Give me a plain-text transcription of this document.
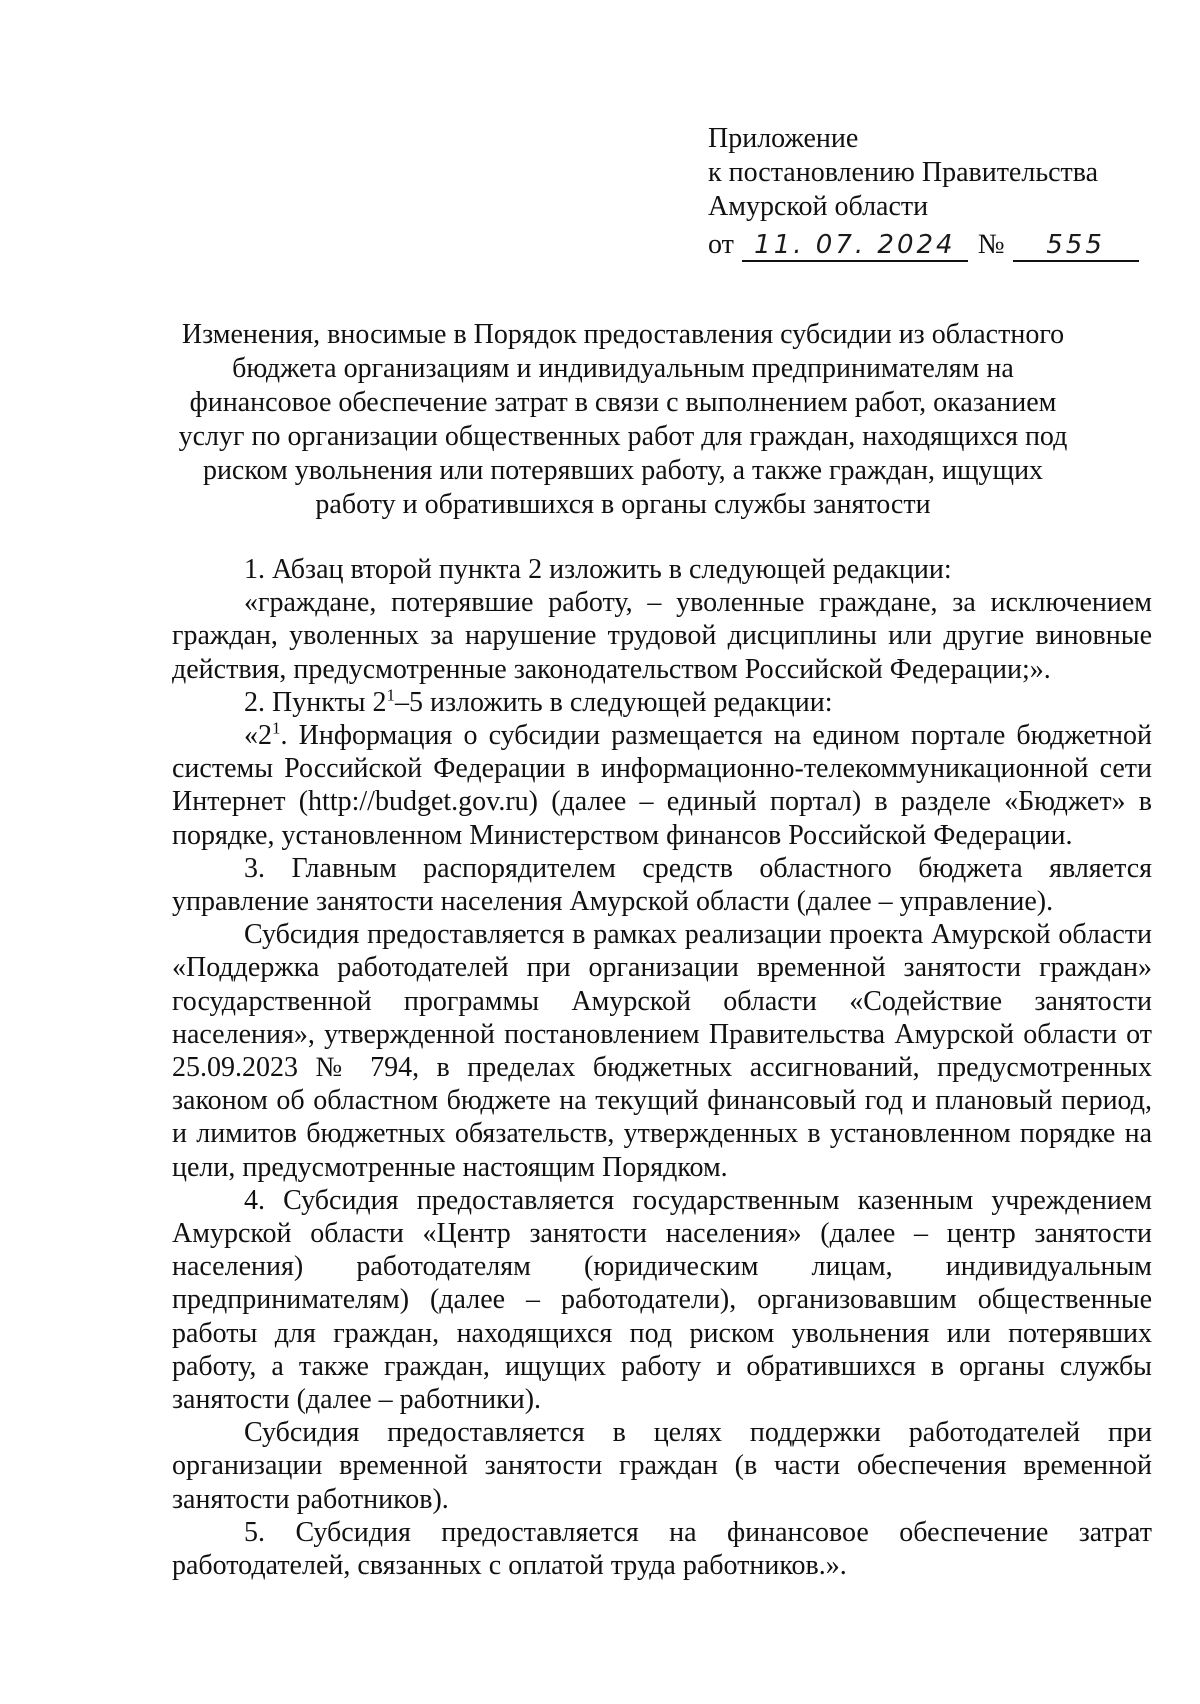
Приложение
к постановлению Правительства
Амурской области
от 11. 07. 2024 №	555
Изменения, вносимые в Порядок предоставления субсидии из областного бюджета организациям и индивидуальным предпринимателям на финансовое обеспечение затрат в связи с выполнением работ, оказанием услуг по организации общественных работ для граждан, находящихся под риском увольнения или потерявших работу, а также граждан, ищущих работу и обратившихся в органы службы занятости

1. Абзац второй пункта 2 изложить в следующей редакции:

«граждане, потерявшие работу, – уволенные граждане, за исключением граждан, уволенных за нарушение трудовой дисциплины или другие виновные действия, предусмотренные законодательством Российской Федерации;».

2. Пункты $2^1-5$ изложить в следующей редакции:

«$2^1$. Информация о субсидии размещается на едином портале бюджетной системы Российской Федерации в информационно-телекоммуникационной сети Интернет (http://budget.gov.ru) (далее – единый портал) в разделе «Бюджет» в порядке, установленном Министерством финансов Российской Федерации.

3. Главным распорядителем средств областного бюджета является управление занятости населения Амурской области (далее – управление).

Субсидия предоставляется в рамках реализации проекта Амурской области «Поддержка работодателей при организации временной занятости граждан» государственной программы Амурской области «Содействие занятости населения», утвержденной постановлением Правительства Амурской области от 25.09.2023 № 794, в пределах бюджетных ассигнований, предусмотренных законом об областном бюджете на текущий финансовый год и плановый период, и лимитов бюджетных обязательств, утвержденных в установленном порядке на цели, предусмотренные настоящим Порядком.

4. Субсидия предоставляется государственным казенным учреждением Амурской области «Центр занятости населения» (далее – центр занятости населения) работодателям (юридическим лицам, индивидуальным предпринимателям) (далее – работодатели), организовавшим общественные работы для граждан, находящихся под риском увольнения или потерявших работу, а также граждан, ищущих работу и обратившихся в органы службы занятости (далее – работники).

Субсидия предоставляется в целях поддержки работодателей при организации временной занятости граждан (в части обеспечения временной занятости работников).

5. Субсидия предоставляется на финансовое обеспечение затрат работодателей, связанных с оплатой труда работников.».
